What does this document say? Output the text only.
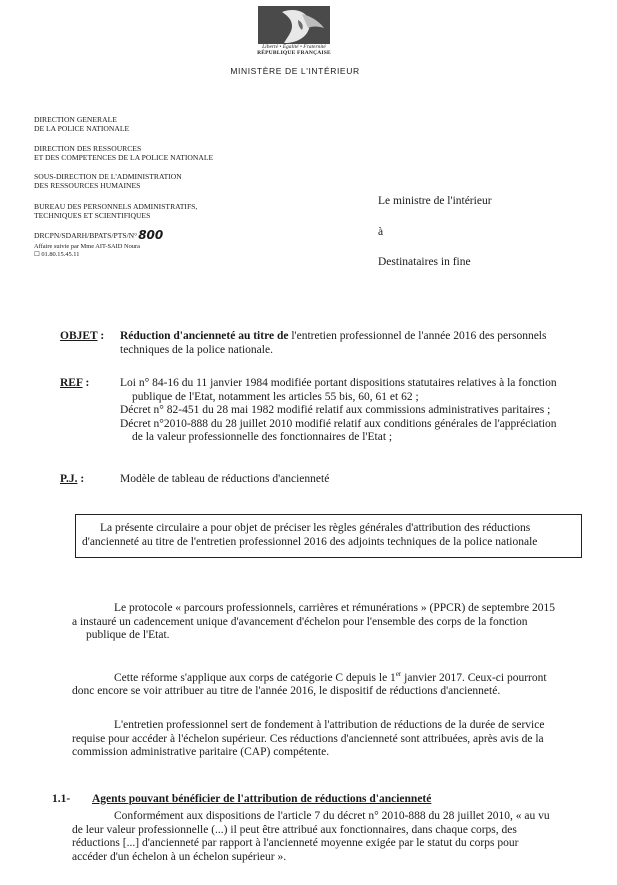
Liberté • Égalité • Fraternité
RÉPUBLIQUE FRANÇAISE
MINISTÈRE DE L'INTÉRIEUR
DIRECTION GENERALE
DE LA POLICE NATIONALE
DIRECTION DES RESSOURCES
ET DES COMPETENCES DE LA POLICE NATIONALE
SOUS-DIRECTION DE L'ADMINISTRATION
DES RESSOURCES HUMAINES
BUREAU DES PERSONNELS ADMINISTRATIFS,
TECHNIQUES ET SCIENTIFIQUES
DRCPN/SDARH/BPATS/PTS/N°800
Affaire suivie par Mme AIT-SAID Noura
☐ 01.80.15.45.11
Le ministre de l'intérieur
à
Destinataires in fine
OBJET : Réduction d'ancienneté au titre de l'entretien professionnel de l'année 2016 des personnels
techniques de la police nationale.
REF :	Loi n° 84-16 du 11 janvier 1984 modifiée portant dispositions statutaires relatives à la fonction
publique de l'Etat, notamment les articles 55 bis, 60, 61 et 62 ;
Décret n° 82-451 du 28 mai 1982 modifié relatif aux commissions administratives paritaires ;
Décret n°2010-888 du 28 juillet 2010 modifié relatif aux conditions générales de l'appréciation
de la valeur professionnelle des fonctionnaires de l'Etat ;
P.J. :	Modèle de tableau de réductions d'ancienneté
La présente circulaire a pour objet de préciser les règles générales d'attribution des réductions
d'ancienneté au titre de l'entretien professionnel 2016 des adjoints techniques de la police nationale

Le protocole « parcours professionnels, carrières et rémunérations » (PPCR) de septembre 2015

a instauré un cadencement unique d'avancement d'échelon pour l'ensemble des corps de la fonction

publique de l'Etat.

Cette réforme s'applique aux corps de catégorie C depuis le 1er janvier 2017. Ceux-ci pourront

donc encore se voir attribuer au titre de l'année 2016, le dispositif de réductions d'ancienneté.

L'entretien professionnel sert de fondement à l'attribution de réductions de la durée de service

requise pour accéder à l'échelon supérieur. Ces réductions d'ancienneté sont attribuées, après avis de la

commission administrative paritaire (CAP) compétente.

1.1- Agents pouvant bénéficier de l'attribution de réductions d'ancienneté

Conformément aux dispositions de l'article 7 du décret n° 2010-888 du 28 juillet 2010, « au vu

de leur valeur professionnelle (...) il peut être attribué aux fonctionnaires, dans chaque corps, des

réductions [...] d'ancienneté par rapport à l'ancienneté moyenne exigée par le statut du corps pour

accéder d'un échelon à un échelon supérieur ».
